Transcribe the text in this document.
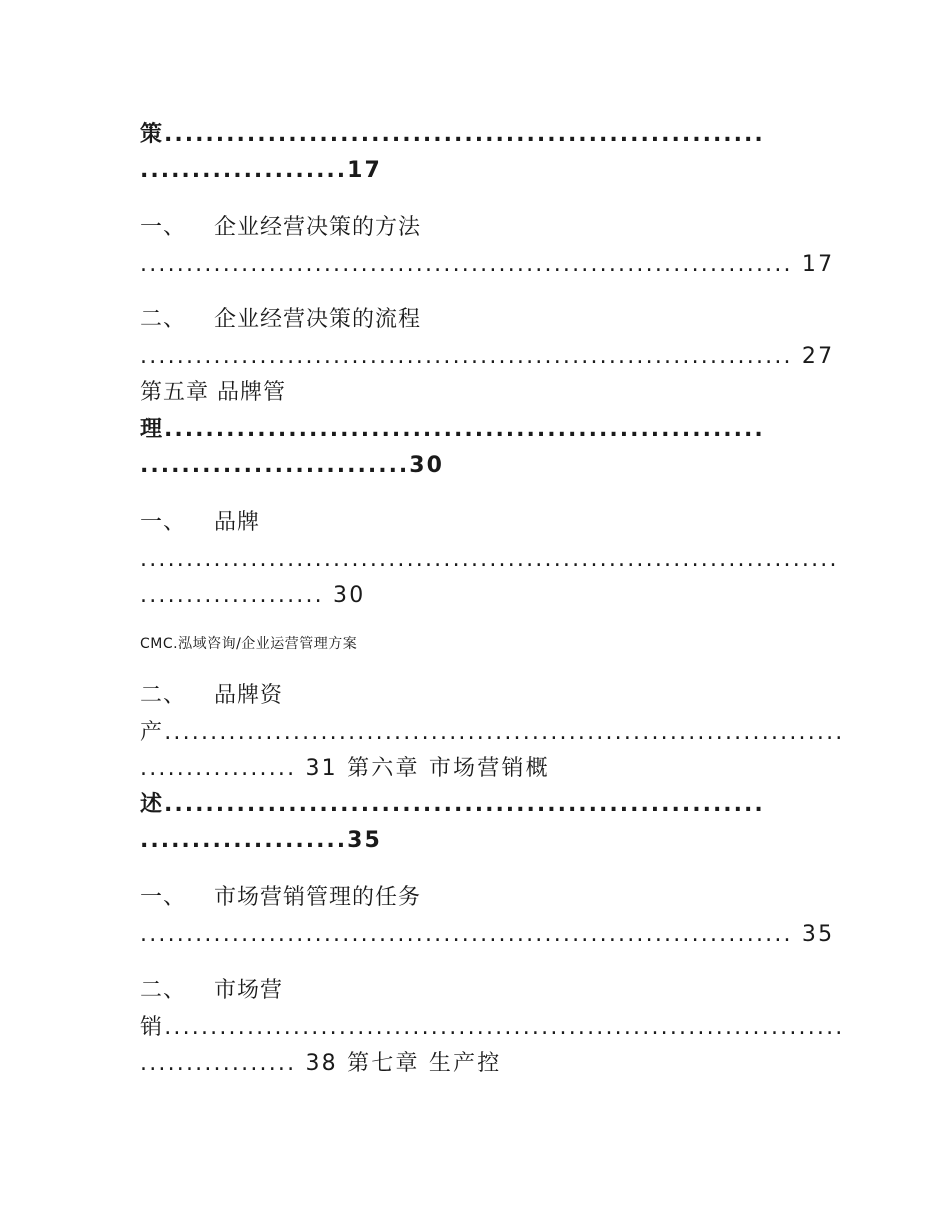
策..........................................................
....................17
一、 企业经营决策的方法
....................................................................... 17
二、 企业经营决策的流程
....................................................................... 27
第五章 品牌管
理..........................................................
..........................30
一、 品牌
............................................................................
.................... 30
CMC.泓域咨询/企业运营管理方案
二、 品牌资
产..........................................................................
................. 31 第六章 市场营销概
述..........................................................
....................35
一、 市场营销管理的任务
....................................................................... 35
二、 市场营
销..........................................................................
................. 38 第七章 生产控
